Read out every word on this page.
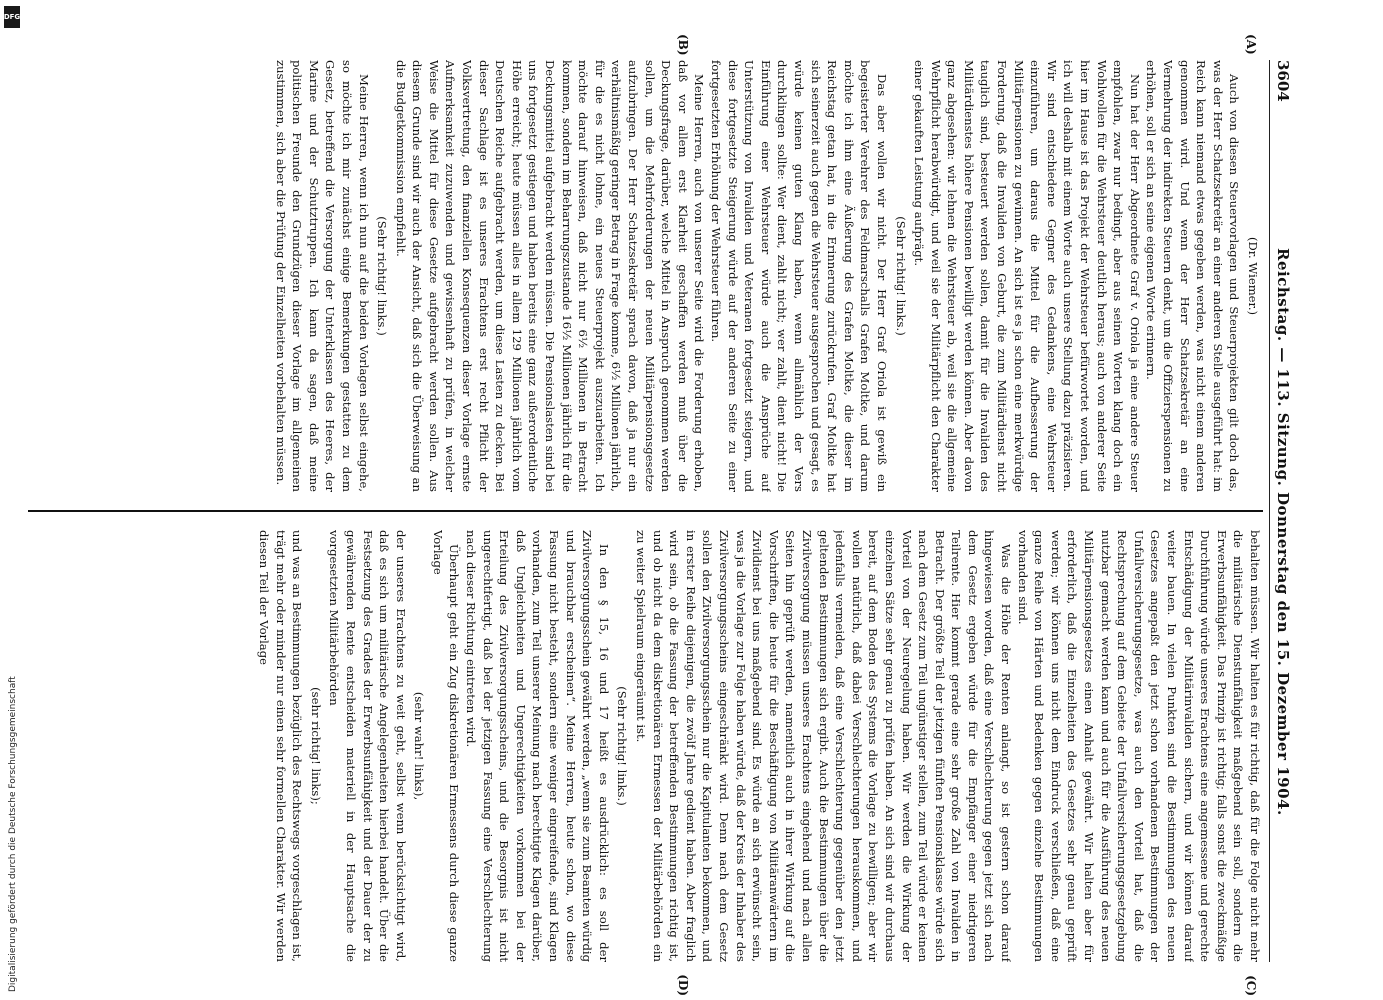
Digitalisierung gefördert durch die Deutsche Forschungsgemeinschaft
DFG
3604
Reichstag. — 113. Sitzung. Donnerstag den 15. Dezember 1904.
(A)
(B)
(C)
(D)

(Dr. Wiemer.)

Auch von diesen Steuervorlagen und Steuerprojekten gilt doch das, was der Herr Schatzsekretär an einer anderen Stelle ausgeführt hat: im Reich kann niemand etwas gegeben werden, was nicht einem anderen genommen wird. Und wenn der Herr Schatzsekretär an eine Vermehrung der indirekten Steuern denkt, um die Offizierspensionen zu erhöhen, soll er sich an seine eigenen Worte erinnern.

Nun hat der Herr Abgeordnete Graf v. Oriola ja eine andere Steuer empfohlen, zwar nur bedingt, aber aus seinen Worten klang doch ein Wohlwollen für die Wehrsteuer deutlich heraus; auch von anderer Seite hier im Hause ist das Projekt der Wehrsteuer befürwortet worden, und ich will deshalb mit einem Worte auch unsere Stellung dazu präzisieren. Wir sind entschiedene Gegner des Gedankens, eine Wehrsteuer einzuführen, um daraus die Mittel für die Aufbesserung der Militärpensionen zu gewinnen. An sich ist es ja schon eine merkwürdige Forderung, daß die Invaliden von Geburt, die zum Militärdienst nicht tauglich sind, besteuert werden sollen, damit für die Invaliden des Militärdienstes höhere Pensionen bewilligt werden können. Aber davon ganz abgesehen: wir lehnen die Wehrsteuer ab, weil sie die allgemeine Wehrpflicht herabwürdigt, und weil sie der Militärpflicht den Charakter einer gekauften Leistung aufprägt.

(Sehr richtig! links.)

Das aber wollen wir nicht. Der Herr Graf Oriola ist gewiß ein begeisterter Verehrer des Feldmarschalls Grafen Moltke, und darum möchte ich ihm eine Äußerung des Grafen Moltke, die dieser im Reichstag getan hat, in die Erinnerung zurückrufen. Graf Moltke hat sich seinerzeit auch gegen die Wehrsteuer ausgesprochen und gesagt, es würde keinen guten Klang haben, wenn allmählich der Vers durchklingen sollte: Wer dient, zahlt nicht; wer zahlt, dient nicht! Die Einführung einer Wehrsteuer würde auch die Ansprüche auf Unterstützung von Invaliden und Veteranen fortgesetzt steigern, und diese fortgesetzte Steigerung würde auf der anderen Seite zu einer fortgesetzten Erhöhung der Wehrsteuer führen.

Meine Herren, auch von unserer Seite wird die Forderung erhoben, daß vor allem erst Klarheit geschaffen werden muß über die Deckungsfrage, darüber, welche Mittel in Anspruch genommen werden sollen, um die Mehrforderungen der neuen Militärpensionsgesetze aufzubringen. Der Herr Schatzsekretär sprach davon, daß ja nur ein verhältnismäßig geringer Betrag in Frage komme, 6½ Millionen jährlich, für die es nicht lohne, ein neues Steuerprojekt auszuarbeiten. Ich möchte darauf hinweisen, daß nicht nur 6½ Millionen in Betracht kommen, sondern im Beharrungszustande 16½ Millionen jährlich für die Deckungsmittel aufgebracht werden müssen. Die Pensionslasten sind bei uns fortgesetzt gestiegen und haben bereits eine ganz außerordentliche Höhe erreicht; heute müssen alles in allem 129 Millionen jährlich vom Deutschen Reiche aufgebracht werden, um diese Lasten zu decken. Bei dieser Sachlage ist es unseres Erachtens erst recht Pflicht der Volksvertretung, den finanziellen Konsequenzen dieser Vorlage ernste Aufmerksamkeit zuzuwenden und gewissenhaft zu prüfen, in welcher Weise die Mittel für diese Gesetze aufgebracht werden sollen. Aus diesem Grunde sind wir auch der Ansicht, daß sich die Überweisung an die Budgetkommission empfiehlt.

(Sehr richtig! links.)

Meine Herren, wenn ich nun auf die beiden Vorlagen selbst eingehe, so möchte ich mir zunächst einige Bemerkungen gestatten zu dem Gesetz, betreffend die Versorgung der Unterklassen des Heeres, der Marine und der Schutztruppen. Ich kann da sagen, daß meine politischen Freunde den Grundzügen dieser Vorlage im allgemeinen zustimmen, sich aber die Prüfung der Einzelheiten vorbehalten müssen.

behalten müssen. Wir halten es für richtig, daß für die Folge nicht mehr die militärische Dienstunfähigkeit maßgebend sein soll, sondern die Erwerbsunfähigkeit. Das Prinzip ist richtig; falls sonst die zweckmäßige Durchführung würde unseres Erachtens eine angemessene und gerechte Entschädigung der Militärinvaliden sichern, und wir können darauf weiter bauen. In vielen Punkten sind die Bestimmungen des neuen Gesetzes angepaßt den jetzt schon vorhandenen Bestimmungen der Unfallversicherungsgesetze, was auch den Vorteil hat, daß die Rechtsprechung auf dem Gebiete der Unfallversicherungsgesetzgebung nutzbar gemacht werden kann und auch für die Ausführung des neuen Militärpensionsgesetzes einen Anhalt gewährt. Wir halten aber für erforderlich, daß die Einzelheiten des Gesetzes sehr genau geprüft werden; wir können uns nicht dem Eindruck verschließen, daß eine ganze Reihe von Härten und Bedenken gegen einzelne Bestimmungen vorhanden sind.

Was die Höhe der Renten anlangt, so ist gestern schon darauf hingewiesen worden, daß eine Verschlechterung gegen jetzt sich nach dem Gesetz ergeben würde für die Empfänger einer niedrigeren Teilrente. Hier kommt gerade eine sehr große Zahl von Invaliden in Betracht. Der größte Teil der jetzigen fünften Pensionsklasse würde sich nach dem Gesetz zum Teil ungünstiger stellen, zum Teil würde er keinen Vorteil von der Neuregelung haben. Wir werden die Wirkung der einzelnen Sätze sehr genau zu prüfen haben. An sich sind wir durchaus bereit, auf dem Boden des Systems die Vorlage zu bewilligen; aber wir wollen natürlich, daß dabei Verschlechterungen herauskommen, und jedenfalls vermeiden, daß eine Verschlechterung gegenüber den jetzt geltenden Bestimmungen sich ergibt. Auch die Bestimmungen über die Zivilversorgung müssen unseres Erachtens eingehend und nach allen Seiten hin geprüft werden, namentlich auch in ihrer Wirkung auf die Vorschriften, die heute für die Beschäftigung von Militäranwärtern im Zivildienst bei uns maßgebend sind. Es würde an sich erwünscht sein, was ja die Vorlage zur Folge haben würde, daß der Kreis der Inhaber des Zivilversorgungsscheins eingeschränkt wird. Denn nach dem Gesetz sollen den Zivilversorgungsschein nur die Kapitulanten bekommen, und in erster Reihe diejenigen, die zwölf Jahre gedient haben. Aber fraglich wird sein, ob die Fassung der betreffenden Bestimmungen richtig ist, und ob nicht da dem diskretionären Ermessen der Militärbehörden ein zu weiter Spielraum eingeräumt ist.

(Sehr richtig! links.)

In den § 15, 16 und 17 heißt es ausdrücklich: es soll der Zivilversorgungsschein gewährt werden, „wenn sie zum Beamten würdig und brauchbar erscheinen“. Meine Herren, heute schon, wo diese Fassung nicht besteht, sondern eine weniger eingreifende, sind Klagen vorhanden, zum Teil unserer Meinung nach berechtigte Klagen darüber, daß Ungleichheiten und Ungerechtigkeiten vorkommen bei der Erteilung des Zivilversorgungsscheins, und die Besorgnis ist nicht ungerechtfertigt, daß bei der jetzigen Fassung eine Verschlechterung nach dieser Richtung eintreten wird.

Überhaupt geht ein Zug diskretionären Ermessens durch diese ganze Vorlage

(sehr wahr! links),

der unseres Erachtens zu weit geht, selbst wenn berücksichtigt wird, daß es sich um militärische Angelegenheiten hierbei handelt. Über die Festsetzung des Grades der Erwerbsunfähigkeit und der Dauer der zu gewährenden Rente entscheiden materiell in der Hauptsache die vorgesetzten Militärbehörden

(sehr richtig! links);

und was an Bestimmungen bezüglich des Rechtswegs vorgeschlagen ist, trägt mehr oder minder nur einen sehr formellen Charakter. Wir werden diesen Teil der Vorlage
